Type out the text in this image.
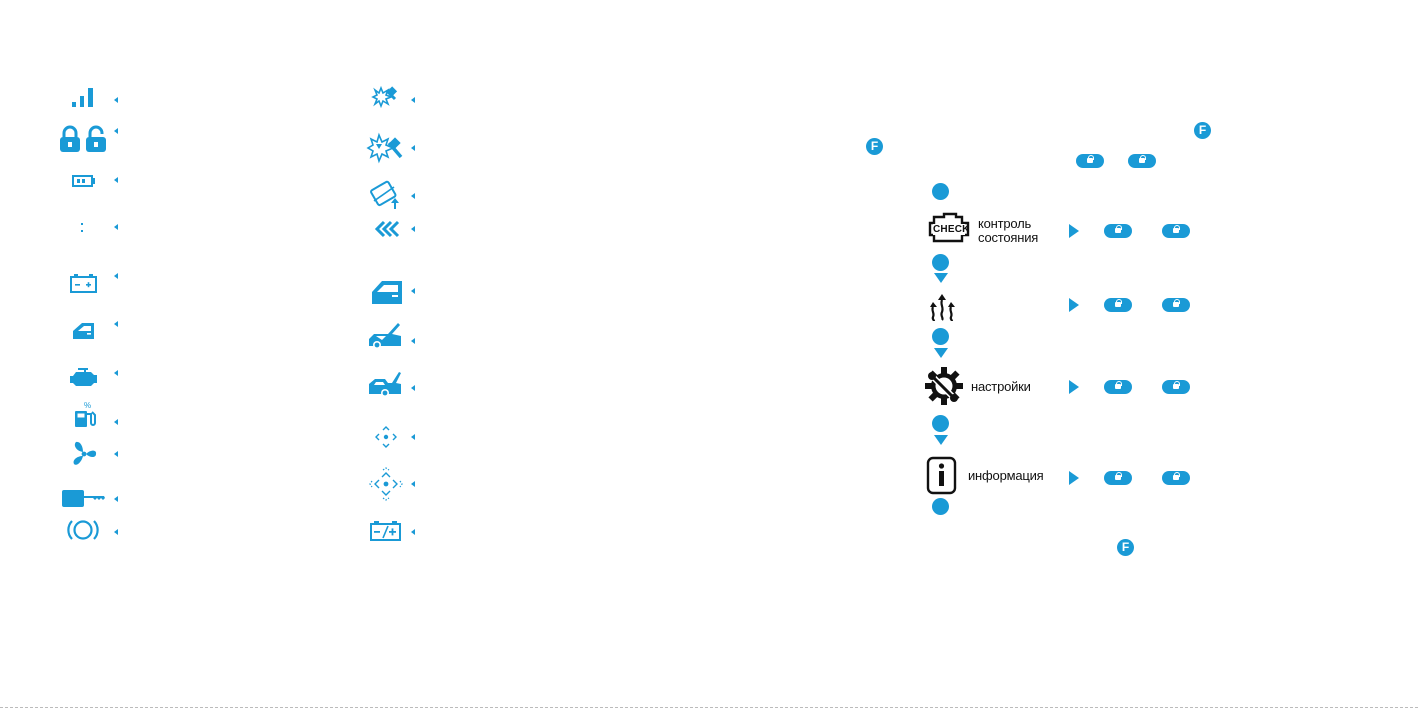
%
F
F
CHECK контроль
состояния
настройки
информация
F
